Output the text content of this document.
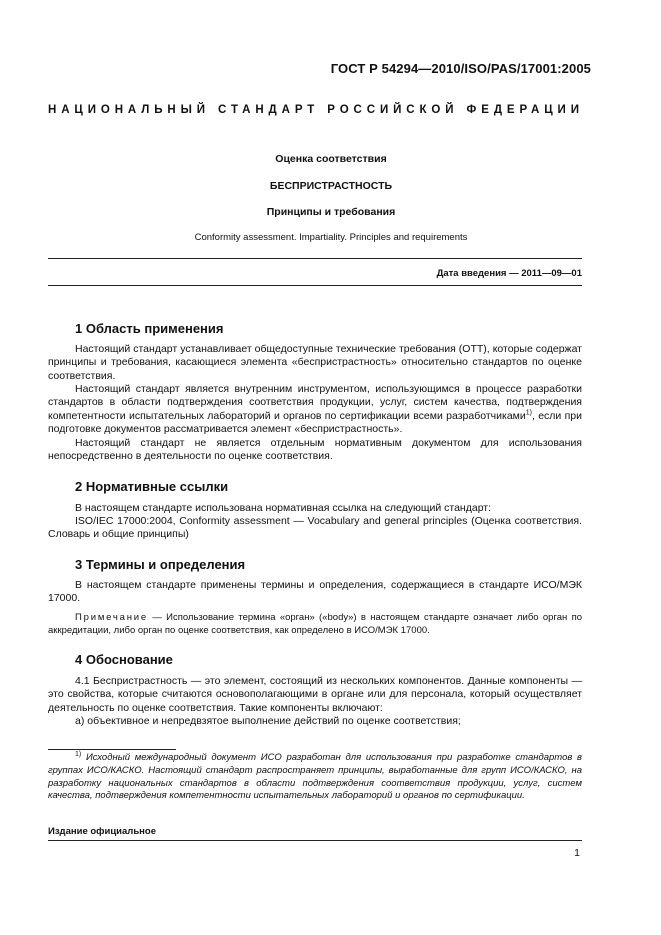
ГОСТ Р 54294—2010/ISO/PAS/17001:2005
НАЦИОНАЛЬНЫЙ СТАНДАРТ РОССИЙСКОЙ ФЕДЕРАЦИИ
Оценка соответствия
БЕСПРИСТРАСТНОСТЬ
Принципы и требования
Conformity assessment. Impartiality. Principles and requirements
Дата введения — 2011—09—01
1 Область применения

Настоящий стандарт устанавливает общедоступные технические требования (ОТТ), которые содержат принципы и требования, касающиеся элемента «беспристрастность» относительно стандартов по оценке соответствия.

Настоящий стандарт является внутренним инструментом, использующимся в процессе разработки стандартов в области подтверждения соответствия продукции, услуг, систем качества, подтверждения компетентности испытательных лабораторий и органов по сертификации всеми разработчиками$^{1)}$, если при подготовке документов рассматривается элемент «беспристрастность».

Настоящий стандарт не является отдельным нормативным документом для использования непосредственно в деятельности по оценке соответствия.

2 Нормативные ссылки

В настоящем стандарте использована нормативная ссылка на следующий стандарт:

ISO/IEC 17000:2004, Conformity assessment — Vocabulary and general principles (Оценка соответствия. Словарь и общие принципы)

3 Термины и определения

В настоящем стандарте применены термины и определения, содержащиеся в стандарте ИСО/МЭК 17000.

Примечание — Использование термина «орган» («body») в настоящем стандарте означает либо орган по аккредитации, либо орган по оценке соответствия, как определено в ИСО/МЭК 17000.

4 Обоснование

4.1 Беспристрастность — это элемент, состоящий из нескольких компонентов. Данные компоненты — это свойства, которые считаются основополагающими в органе или для персонала, который осуществляет деятельность по оценке соответствия. Такие компоненты включают:

а) объективное и непредвзятое выполнение действий по оценке соответствия;

$^{1)}$ Исходный международный документ ИСО разработан для использования при разработке стандартов в группах ИСО/КАСКО. Настоящий стандарт распространяет принципы, выработанные для групп ИСО/КАСКО, на разработку национальных стандартов в области подтверждения соответствия продукции, услуг, систем качества, подтверждения компетентности испытательных лабораторий и органов по сертификации.

Издание официальное
1
